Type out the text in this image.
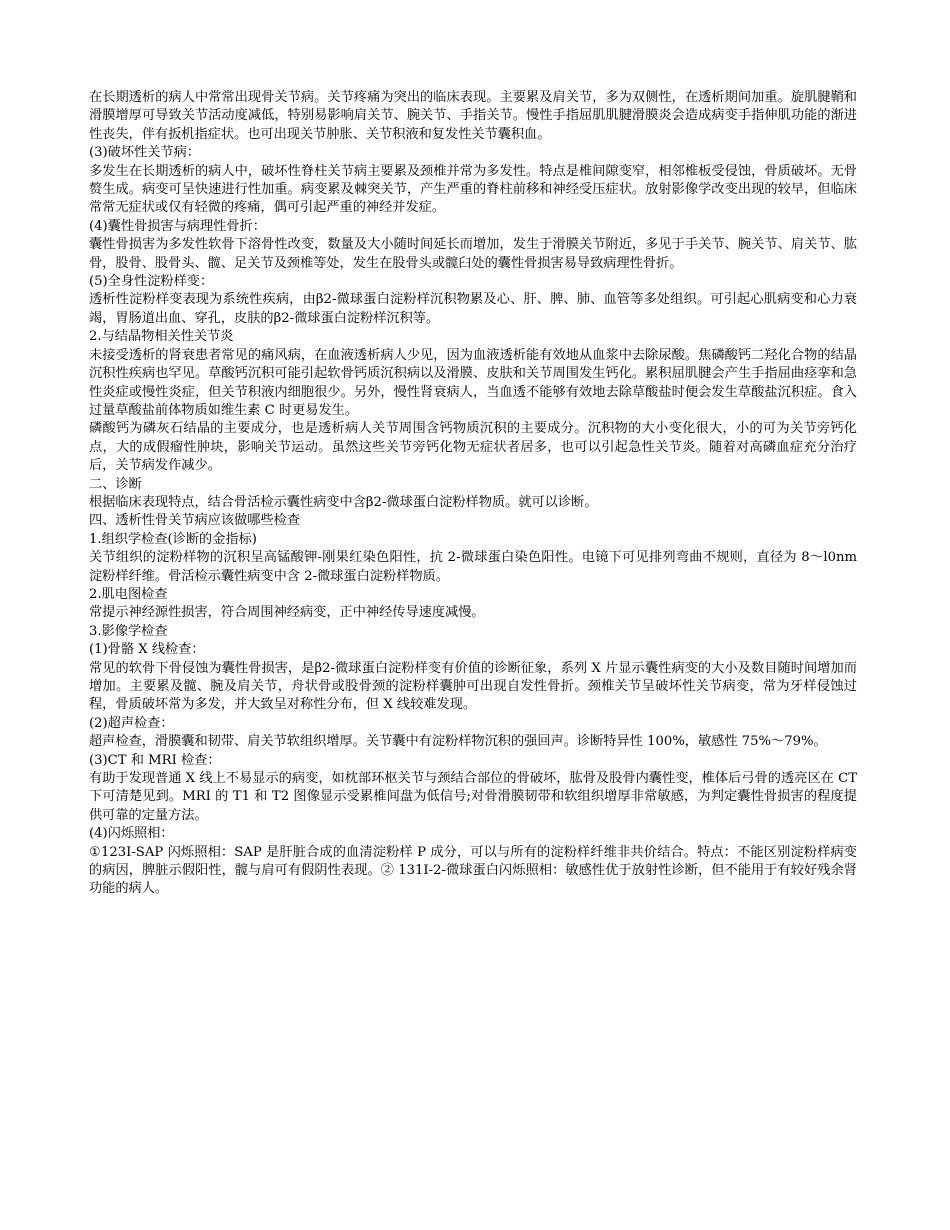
在长期透析的病人中常常出现骨关节病。关节疼痛为突出的临床表现。主要累及肩关节，多为双侧性，在透析期间加重。旋肌腱鞘和滑膜增厚可导致关节活动度减低，特别易影响肩关节、腕关节、手指关节。慢性手指屈肌肌腱滑膜炎会造成病变手指伸肌功能的渐进性丧失，伴有扳机指症状。也可出现关节肿胀、关节积液和复发性关节囊积血。

(3)破坏性关节病：

多发生在长期透析的病人中，破坏性脊柱关节病主要累及颈椎并常为多发性。特点是椎间隙变窄，相邻椎板受侵蚀，骨质破坏。无骨赘生成。病变可呈快速进行性加重。病变累及棘突关节，产生严重的脊柱前移和神经受压症状。放射影像学改变出现的较早，但临床常常无症状或仅有轻微的疼痛，偶可引起严重的神经并发症。

(4)囊性骨损害与病理性骨折：

囊性骨损害为多发性软骨下溶骨性改变，数量及大小随时间延长而增加，发生于滑膜关节附近，多见于手关节、腕关节、肩关节、肱骨，股骨、股骨头、髋、足关节及颈椎等处，发生在股骨头或髋臼处的囊性骨损害易导致病理性骨折。

(5)全身性淀粉样变：

透析性淀粉样变表现为系统性疾病，由β2-微球蛋白淀粉样沉积物累及心、肝、脾、肺、血管等多处组织。可引起心肌病变和心力衰竭，胃肠道出血、穿孔，皮肤的β2-微球蛋白淀粉样沉积等。

2.与结晶物相关性关节炎

未接受透析的肾衰患者常见的痛风病，在血液透析病人少见，因为血液透析能有效地从血浆中去除尿酸。焦磷酸钙二羟化合物的结晶沉积性疾病也罕见。草酸钙沉积可能引起软骨钙质沉积病以及滑膜、皮肤和关节周围发生钙化。累积屈肌腱会产生手指屈曲痉挛和急性炎症或慢性炎症，但关节积液内细胞很少。另外，慢性肾衰病人，当血透不能够有效地去除草酸盐时便会发生草酸盐沉积症。食入过量草酸盐前体物质如维生素 C 时更易发生。

磷酸钙为磷灰石结晶的主要成分，也是透析病人关节周围含钙物质沉积的主要成分。沉积物的大小变化很大，小的可为关节旁钙化点，大的成假瘤性肿块，影响关节运动。虽然这些关节旁钙化物无症状者居多，也可以引起急性关节炎。随着对高磷血症充分治疗后，关节病发作减少。

二、诊断

根据临床表现特点，结合骨活检示囊性病变中含β2-微球蛋白淀粉样物质。就可以诊断。

四、透析性骨关节病应该做哪些检查

1.组织学检查(诊断的金指标)

关节组织的淀粉样物的沉积呈高锰酸钾-刚果红染色阳性，抗 2-微球蛋白染色阳性。电镜下可见排列弯曲不规则，直径为 8～l0nm 淀粉样纤维。骨活检示囊性病变中含 2-微球蛋白淀粉样物质。

2.肌电图检查

常提示神经源性损害，符合周围神经病变，正中神经传导速度减慢。

3.影像学检查

(1)骨骼 X 线检查：

常见的软骨下骨侵蚀为囊性骨损害，是β2-微球蛋白淀粉样变有价值的诊断征象，系列 X 片显示囊性病变的大小及数目随时间增加而增加。主要累及髋、腕及肩关节，舟状骨或股骨颈的淀粉样囊肿可出现自发性骨折。颈椎关节呈破坏性关节病变，常为牙样侵蚀过程，骨质破坏常为多发，并大致呈对称性分布，但 X 线较难发现。

(2)超声检查：

超声检查，滑膜囊和韧带、肩关节软组织增厚。关节囊中有淀粉样物沉积的强回声。诊断特异性 100%，敏感性 75%～79%。

(3)CT 和 MRI 检查：

有助于发现普通 X 线上不易显示的病变，如枕部环枢关节与颈结合部位的骨破坏，肱骨及股骨内囊性变，椎体后弓骨的透亮区在 CT 下可清楚见到。MRI 的 T1 和 T2 图像显示受累椎间盘为低信号;对骨滑膜韧带和软组织增厚非常敏感，为判定囊性骨损害的程度提供可靠的定量方法。

(4)闪烁照相：

①123I-SAP 闪烁照相：SAP 是肝脏合成的血清淀粉样 P 成分，可以与所有的淀粉样纤维非共价结合。特点：不能区别淀粉样病变的病因，脾脏示假阳性，髋与肩可有假阴性表现。② 131I-2-微球蛋白闪烁照相：敏感性优于放射性诊断，但不能用于有较好残余肾功能的病人。
